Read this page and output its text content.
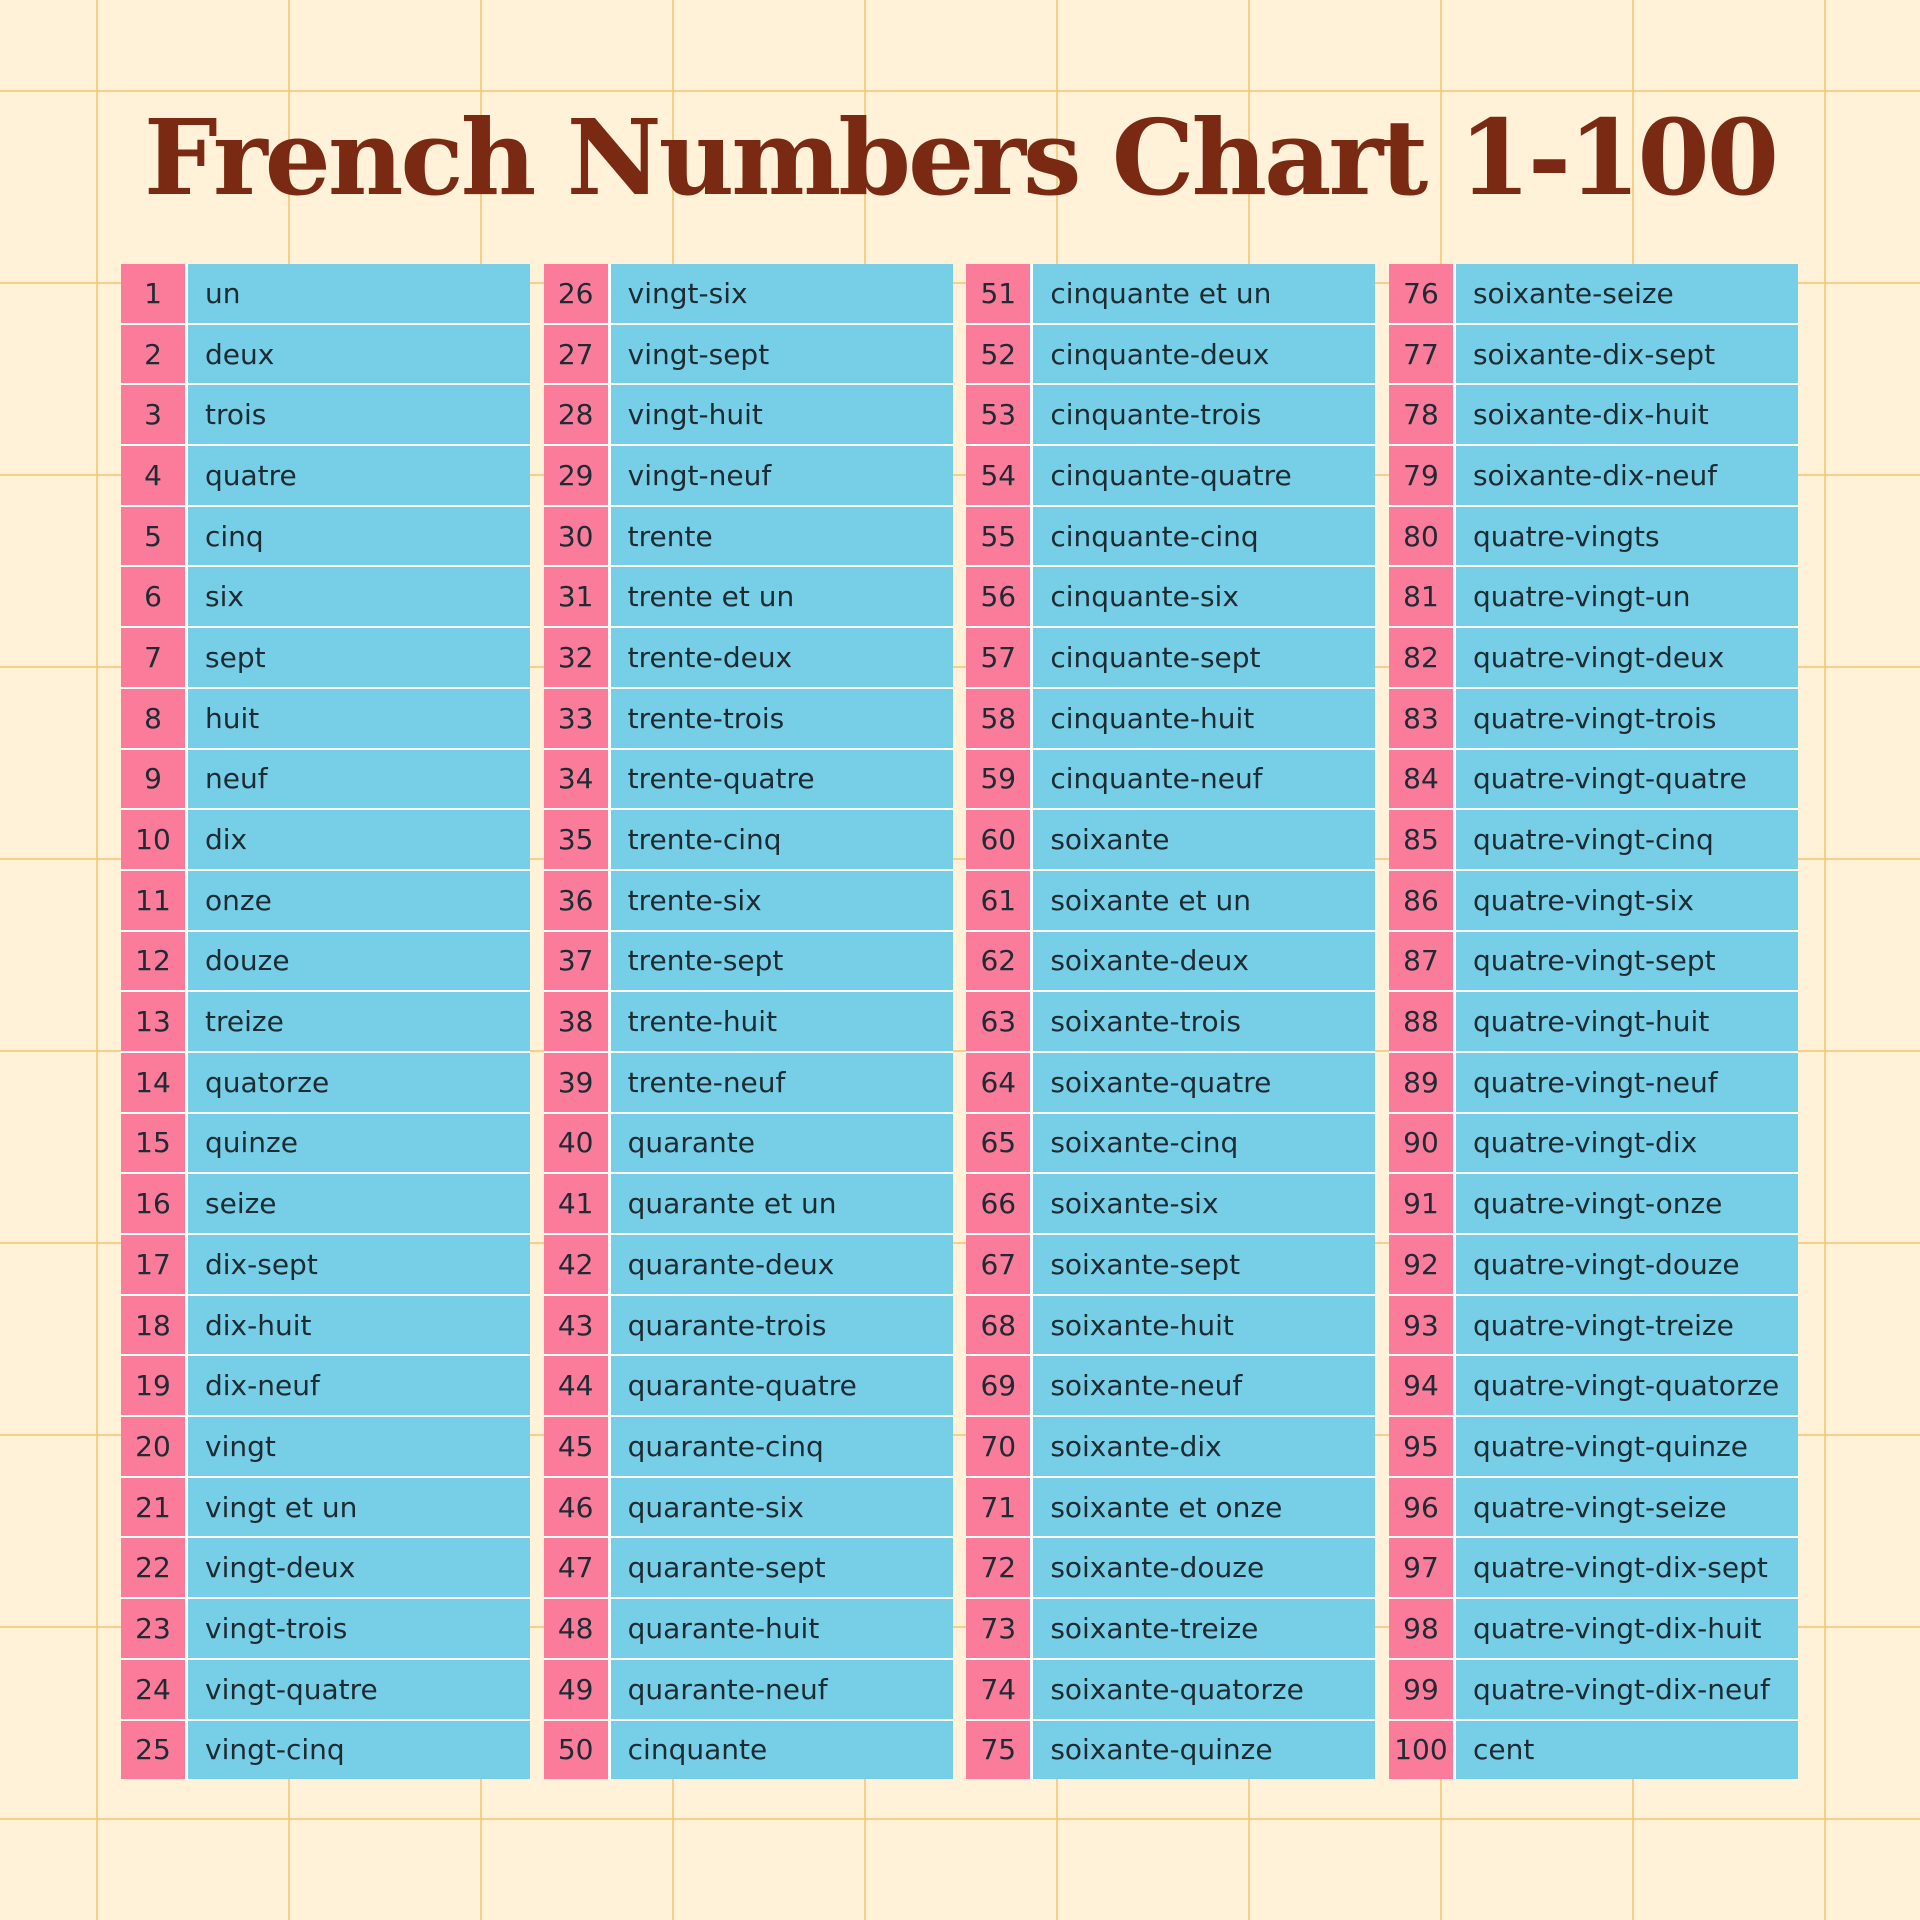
French Numbers Chart 1-100
1	un
2	deux
3	trois
4	quatre
5	cinq
6	six
7	sept
8	huit
9	neuf
10	dix
11	onze
12	douze
13	treize
14	quatorze
15	quinze
16	seize
17	dix-sept
18	dix-huit
19	dix-neuf
20	vingt
21	vingt et un
22	vingt-deux
23	vingt-trois
24	vingt-quatre
25	vingt-cinq
26	vingt-six
27	vingt-sept
28	vingt-huit
29	vingt-neuf
30	trente
31	trente et un
32	trente-deux
33	trente-trois
34	trente-quatre
35	trente-cinq
36	trente-six
37	trente-sept
38	trente-huit
39	trente-neuf
40	quarante
41	quarante et un
42	quarante-deux
43	quarante-trois
44	quarante-quatre
45	quarante-cinq
46	quarante-six
47	quarante-sept
48	quarante-huit
49	quarante-neuf
50	cinquante
51	cinquante et un
52	cinquante-deux
53	cinquante-trois
54	cinquante-quatre
55	cinquante-cinq
56	cinquante-six
57	cinquante-sept
58	cinquante-huit
59	cinquante-neuf
60	soixante
61	soixante et un
62	soixante-deux
63	soixante-trois
64	soixante-quatre
65	soixante-cinq
66	soixante-six
67	soixante-sept
68	soixante-huit
69	soixante-neuf
70	soixante-dix
71	soixante et onze
72	soixante-douze
73	soixante-treize
74	soixante-quatorze
75	soixante-quinze
76	soixante-seize
77	soixante-dix-sept
78	soixante-dix-huit
79	soixante-dix-neuf
80	quatre-vingts
81	quatre-vingt-un
82	quatre-vingt-deux
83	quatre-vingt-trois
84	quatre-vingt-quatre
85	quatre-vingt-cinq
86	quatre-vingt-six
87	quatre-vingt-sept
88	quatre-vingt-huit
89	quatre-vingt-neuf
90	quatre-vingt-dix
91	quatre-vingt-onze
92	quatre-vingt-douze
93	quatre-vingt-treize
94	quatre-vingt-quatorze
95	quatre-vingt-quinze
96	quatre-vingt-seize
97	quatre-vingt-dix-sept
98	quatre-vingt-dix-huit
99	quatre-vingt-dix-neuf
100 cent
